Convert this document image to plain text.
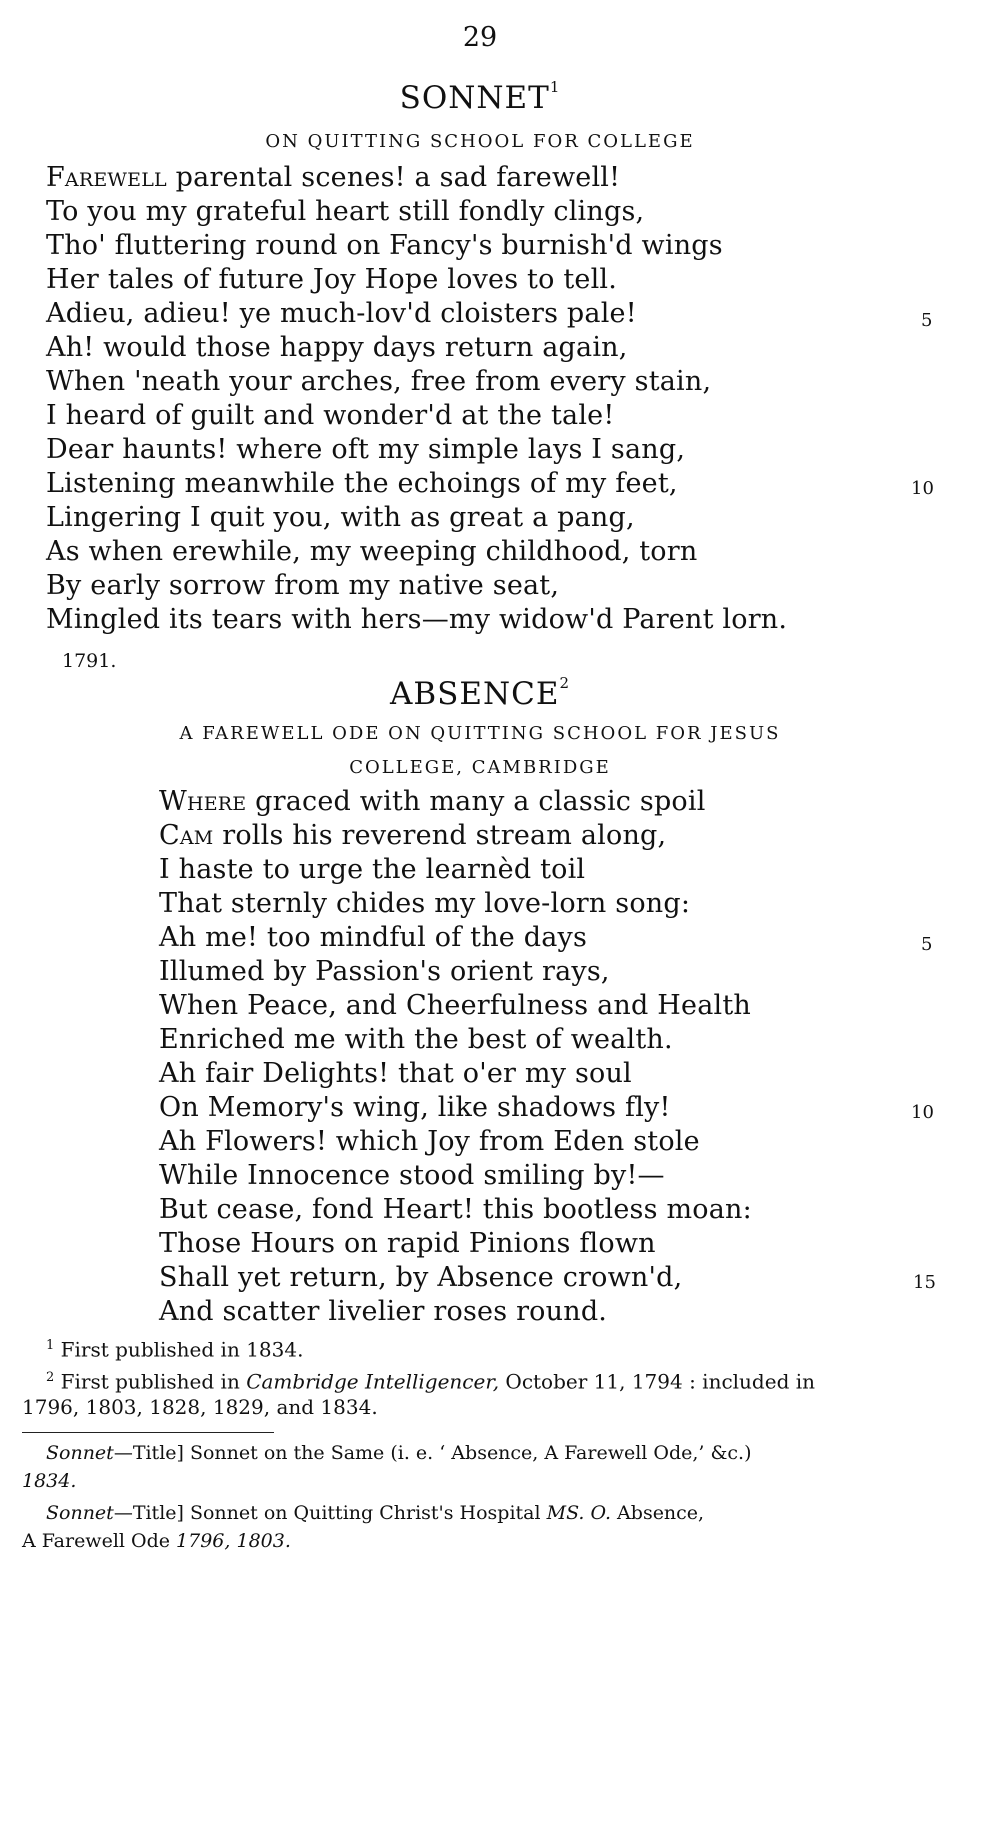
29
SONNET$^1$
ON QUITTING SCHOOL FOR COLLEGE
Farewell parental scenes! a sad farewell!
To you my grateful heart still fondly clings,
Tho' fluttering round on Fancy's burnish'd wings
Her tales of future Joy Hope loves to tell.
Adieu, adieu! ye much-lov'd cloisters pale!
Ah! would those happy days return again,
When 'neath your arches, free from every stain,
I heard of guilt and wonder'd at the tale!
Dear haunts! where oft my simple lays I sang,
Listening meanwhile the echoings of my feet,
Lingering I quit you, with as great a pang,
As when erewhile, my weeping childhood, torn
By early sorrow from my native seat,
Mingled its tears with hers—my widow'd Parent lorn.
5
10
1791.
ABSENCE$^2$
A FAREWELL ODE ON QUITTING SCHOOL FOR JESUS
COLLEGE, CAMBRIDGE
Where graced with many a classic spoil
Cam rolls his reverend stream along,
I haste to urge the learnèd toil
That sternly chides my love-lorn song:
Ah me! too mindful of the days
Illumed by Passion's orient rays,
When Peace, and Cheerfulness and Health
Enriched me with the best of wealth.
Ah fair Delights! that o'er my soul
On Memory's wing, like shadows fly!
Ah Flowers! which Joy from Eden stole
While Innocence stood smiling by!—
But cease, fond Heart! this bootless moan:
Those Hours on rapid Pinions flown
Shall yet return, by Absence crown'd,
And scatter livelier roses round.
5
10
15
$^1$ First published in 1834.
$^2$ First published in Cambridge Intelligencer, October 11, 1794 : included in
1796, 1803, 1828, 1829, and 1834.
Sonnet—Title] Sonnet on the Same (i. e. ‘ Absence, A Farewell Ode,’ &c.)
1834.
Sonnet—Title] Sonnet on Quitting Christ's Hospital MS. O. Absence,
A Farewell Ode 1796, 1803.
